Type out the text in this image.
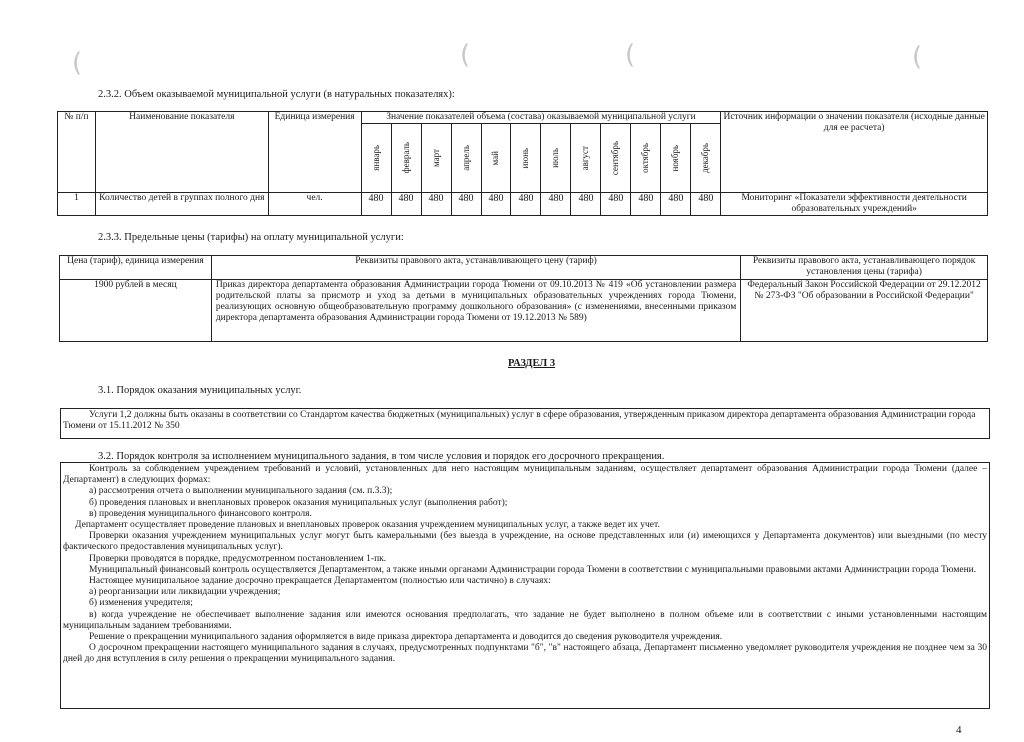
(	(	(	(
2.3.2. Объем оказываемой муниципальной услуги (в натуральных показателях):
№ п/п	Наименование показателя	Единица измерения	Значение показателей объема (состава) оказываемой муниципальной услуги												Источник информации о значении показателя (исходные данные для ее расчета)

			январь	февраль	март	апрель	май	июнь	июль	август	сентябрь	октябрь	ноябрь	декабрь	

1	Количество детей в группах полного дня	чел.	480	480	480	480	480	480	480	480	480	480	480	480	Мониторинг «Показатели эффективности деятельности образовательных учреждений»
2.3.3. Предельные цены (тарифы) на оплату муниципальной услуги:
Цена (тариф), единица измерения	Реквизиты правового акта, устанавливающего цену (тариф)	Реквизиты правового акта, устанавливающего порядок установления цены (тарифа)
1900 рублей в месяц	Приказ директора департамента образования Администрации города Тюмени от 09.10.2013 № 419 «Об установлении размера родительской платы за присмотр и уход за детьми в муниципальных образовательных учреждениях города Тюмени, реализующих основную общеобразовательную программу дошкольного образования» (с изменениями, внесенными приказом директора департамента образования Администрации города Тюмени от 19.12.2013 № 589)	Федеральный Закон Российской Федерации от 29.12.2012 № 273-ФЗ "Об образовании в Российской Федерации"
РАЗДЕЛ 3
3.1. Порядок оказания муниципальных услуг.

Услуги 1,2 должны быть оказаны в соответствии со Стандартом качества бюджетных (муниципальных) услуг в сфере образования, утвержденным приказом директора департамента образования Администрации города Тюмени от 15.11.2012 № 350

3.2. Порядок контроля за исполнением муниципального задания, в том числе условия и порядок его досрочного прекращения.

Контроль за соблюдением учреждением требований и условий, установленных для него настоящим муниципальным заданиям, осуществляет департамент образования Администрации города Тюмени (далее – Департамент) в следующих формах:

а) рассмотрения отчета о выполнении муниципального задания (см. п.3.3);

б) проведения плановых и внеплановых проверок оказания муниципальных услуг (выполнения работ);

в) проведения муниципального финансового контроля.

Департамент осуществляет проведение плановых и внеплановых проверок оказания учреждением муниципальных услуг, а также ведет их учет.

Проверки оказания учреждением муниципальных услуг могут быть камеральными (без выезда в учреждение, на основе представленных или (и) имеющихся у Департамента документов) или выездными (по месту фактического предоставления муниципальных услуг).

Проверки проводятся в порядке, предусмотренном постановлением 1-пк.

Муниципальный финансовый контроль осуществляется Департаментом, а также иными органами Администрации города Тюмени в соответствии с муниципальными правовыми актами Администрации города Тюмени.

Настоящее муниципальное задание досрочно прекращается Департаментом (полностью или частично) в случаях:

а) реорганизации или ликвидации учреждения;

б) изменения учредителя;

в) когда учреждение не обеспечивает выполнение задания или имеются основания предполагать, что задание не будет выполнено в полном объеме или в соответствии с иными установленными настоящим муниципальным заданием требованиями.

Решение о прекращении муниципального задания оформляется в виде приказа директора департамента и доводится до сведения руководителя учреждения.

О досрочном прекращении настоящего муниципального задания в случаях, предусмотренных подпунктами "б", "в" настоящего абзаца, Департамент письменно уведомляет руководителя учреждения не позднее чем за 30 дней до дня вступления в силу решения о прекращении муниципального задания.

4
